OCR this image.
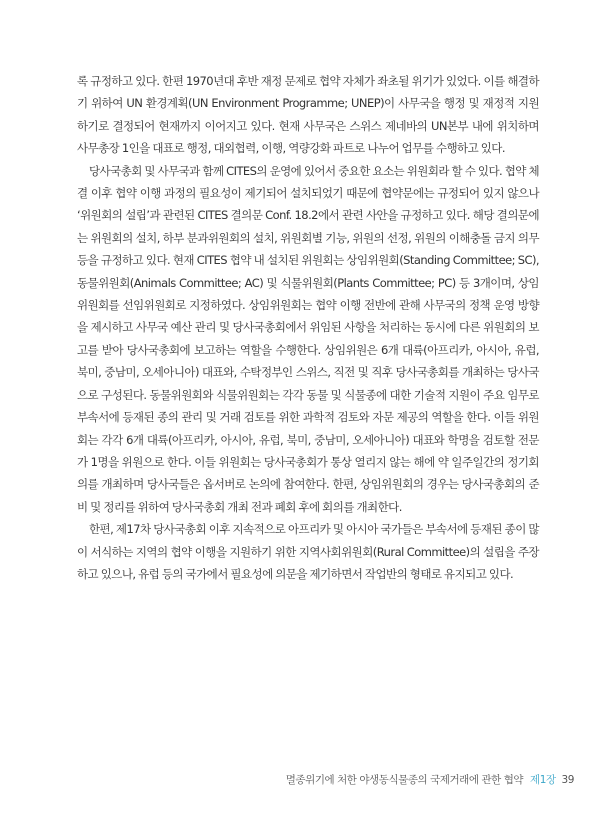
록 규정하고 있다. 한편 1970년대 후반 재정 문제로 협약 자체가 좌초될 위기가 있었다. 이를 해결하기 위하여 UN 환경계획(UN Environment Programme; UNEP)이 사무국을 행정 및 재정적 지원하기로 결정되어 현재까지 이어지고 있다. 현재 사무국은 스위스 제네바의 UN본부 내에 위치하며 사무총장 1인을 대표로 행정, 대외협력, 이행, 역량강화 파트로 나누어 업무를 수행하고 있다.

당사국총회 및 사무국과 함께 CITES의 운영에 있어서 중요한 요소는 위원회라 할 수 있다. 협약 체결 이후 협약 이행 과정의 필요성이 제기되어 설치되었기 때문에 협약문에는 규정되어 있지 않으나 ‘위원회의 설립’과 관련된 CITES 결의문 Conf. 18.2에서 관련 사안을 규정하고 있다. 해당 결의문에는 위원회의 설치, 하부 분과위원회의 설치, 위원회별 기능, 위원의 선정, 위원의 이해충돌 금지 의무 등을 규정하고 있다. 현재 CITES 협약 내 설치된 위원회는 상임위원회(Standing Committee; SC), 동물위원회(Animals Committee; AC) 및 식물위원회(Plants Committee; PC) 등 3개이며, 상임위원회를 선임위원회로 지정하였다. 상임위원회는 협약 이행 전반에 관해 사무국의 정책 운영 방향을 제시하고 사무국 예산 관리 및 당사국총회에서 위임된 사항을 처리하는 동시에 다른 위원회의 보고를 받아 당사국총회에 보고하는 역할을 수행한다. 상임위원은 6개 대륙(아프리카, 아시아, 유럽, 북미, 중남미, 오세아니아) 대표와, 수탁정부인 스위스, 직전 및 직후 당사국총회를 개최하는 당사국으로 구성된다. 동물위원회와 식물위원회는 각각 동물 및 식물종에 대한 기술적 지원이 주요 임무로 부속서에 등재된 종의 관리 및 거래 검토를 위한 과학적 검토와 자문 제공의 역할을 한다. 이들 위원회는 각각 6개 대륙(아프리카, 아시아, 유럽, 북미, 중남미, 오세아니아) 대표와 학명을 검토할 전문가 1명을 위원으로 한다. 이들 위원회는 당사국총회가 통상 열리지 않는 해에 약 일주일간의 정기회의를 개최하며 당사국들은 옵서버로 논의에 참여한다. 한편, 상임위원회의 경우는 당사국총회의 준비 및 정리를 위하여 당사국총회 개최 전과 폐회 후에 회의를 개최한다.

한편, 제17차 당사국총회 이후 지속적으로 아프리카 및 아시아 국가들은 부속서에 등재된 종이 많이 서식하는 지역의 협약 이행을 지원하기 위한 지역사회위원회(Rural Committee)의 설립을 주장하고 있으나, 유럽 등의 국가에서 필요성에 의문을 제기하면서 작업반의 형태로 유지되고 있다.

멸종위기에 처한 야생동식물종의 국제거래에 관한 협약 제1장 39
